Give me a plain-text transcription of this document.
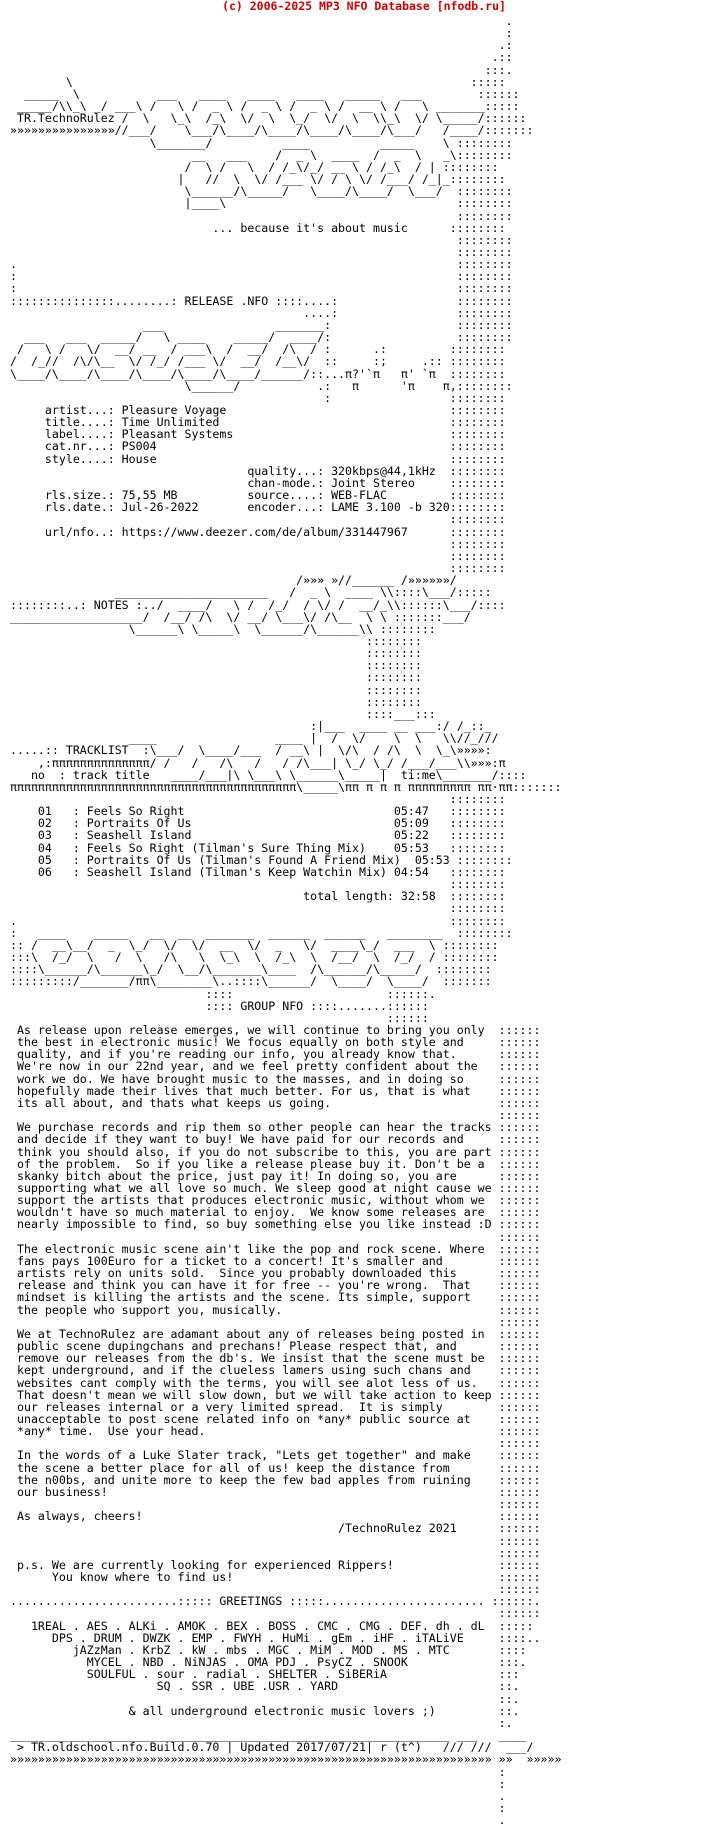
(c) 2006-2025 MP3 NFO Database [nfodb.ru]
.
:
.:
.::
:::.
\                                                         :::::
_____  \           ___   ____   ____   ____   _____   ___        ::::::
_____/\\_\ _/ ___\ /   \ /  _ \ /  _ \ /  _ \ /  __ \ /   \ _______:::::
TR.TechnoRulez /  \   \_\  /_\  \/  \  \_/  \/  \  \\_\  \/ \_____/::::::
»»»»»»»»»»»»»»»//___/    \___/\____/\____/\____/\____/\___/   /____/:::::::
\_______/          ____          _____    \ ::::::::
__   ___    /  _ \  ____  /  _  \   _\::::::::
/  \ /   \  / /_\/_/ __ \ / /_\  / | ::::::::
|   //  \  \/ /___ \/ / \ \/ /___/ /_|_::::::::
\______/\_____/   \____/\____/  \___/  ::::::::
|____\                                 ::::::::
::::::::
... because it's about music      ::::::::
::::::::
::::::::
.                                                               ::::::::
:                                                               ::::::::
:                                                               ::::::::
:::::::::::::::........: RELEASE .NFO ::::....:                 ::::::::
....:                 ::::::::
___                _______:                  ::::::::
___   ___  _____/   \ ____    _____/  ____/:                  ::::::::
/   \ /   \/  __/ __  / ___\  /  __/  /\  / :      .:         ::::::::
/  /_//  /\/\__  \/ /_/ /___ \/  __/  /__\/  ::     :;     .:: ::::::::
\____/\____/\____/\____/\____/\____/______/::...π?'`π   π' `π  ::::::::
\______/           .:   π      'π    π,::::::::
:                 ::::::::
artist...: Pleasure Voyage                                ::::::::
title....: Time Unlimited                                 ::::::::
label....: Pleasant Systems                               ::::::::
cat.nr...: PS004                                          ::::::::
style....: House                                          ::::::::
quality...: 320kbps@44,1kHz  ::::::::
chan-mode.: Joint Stereo     ::::::::
rls.size.: 75,55 MB          source....: WEB-FLAC         ::::::::
rls.date.: Jul-26-2022       encoder...: LAME 3.100 -b 320::::::::
::::::::
url/nfo..: https://www.deezer.com/de/album/331447967      ::::::::
::::::::
::::::::
::::::::
/»»» »//______ /»»»»»»/
______________________   /  _ \  ____ \\::::\___/:::::
::::::::..: NOTES :../  ____/   \ /  /_/  / \/ /  __/_\\::::::\___/::::
___________________/  /__/ /\  \/ __/ \___\/ /\__  \ \ :::::::___/
\______\ \_____\  \______/\______\\ ::::::::
::::::::
::::::::
::::::::
::::::::
::::::::
::::::::
::::___:::
:|___  ____ __ ___:/ /_::_
____                 ____ |  /  \/    \  \   \\//_///
.....:: TRACKLIST  :\___/  \____/___  / __\ |  \/\  / /\  \  \_\»»»»:
,:ππππππππππππππ/ /   /   /\   /   / /\___| \_/ \_/ /___/___\\»»»:π
no  : track title   ____/___|\ \___\ \______\_____|  ti:me\_______/::::
πππππππππππππππππππππππππππππππππππππππππ\_____\ππ π π π πππππππππ ππ·ππ:::::::
::::::::
01   : Feels So Right                              05:47   ::::::::
02   : Portraits Of Us                             05:09   ::::::::
03   : Seashell Island                             05:22   ::::::::
04   : Feels So Right (Tilman's Sure Thing Mix)    05:53   ::::::::
05   : Portraits Of Us (Tilman's Found A Friend Mix)  05:53 ::::::::
06   : Seashell Island (Tilman's Keep Watchin Mix) 04:54   ::::::::
::::::::
total length: 32:58  ::::::::
::::::::
.                                                              ::::::::
:   ____    _____   __  __  _______  ______  ______   ________  ::::::::
:: /  __\__/  _  \_/  \/  \/  __  \/  _   \/  ____\_/  ___  \ ::::::::
:::\  /_/  \   /  \   /\   \  \_\  \  /_\  \  /__/  \  /_/  / ::::::::
::::\______/\______\_/  \__/\_______\____  /\______/\_____/  ::::::::
:::::::::/_______/ππ\________\..::::\______/  \____/  \____/  :::::::
::::                      ::::::.
:::: GROUP NFO ::::.......::::::
::::::
As release upon release emerges, we will continue to bring you only  ::::::
the best in electronic music! We focus equally on both style and     ::::::
quality, and if you're reading our info, you already know that.      ::::::
We're now in our 22nd year, and we feel pretty confident about the   ::::::
work we do. We have brought music to the masses, and in doing so     ::::::
hopefully made their lives that much better. For us, that is what    ::::::
its all about, and thats what keeps us going.                        ::::::
::::::
We purchase records and rip them so other people can hear the tracks ::::::
and decide if they want to buy! We have paid for our records and     ::::::
think you should also, if you do not subscribe to this, you are part ::::::
of the problem.  So if you like a release please buy it. Don't be a  ::::::
skanky bitch about the price, just pay it! In doing so, you are      ::::::
supporting what we all love so much. We sleep good at night cause we ::::::
support the artists that produces electronic music, without whom we  ::::::
wouldn't have so much material to enjoy.  We know some releases are  ::::::
nearly impossible to find, so buy something else you like instead :D ::::::
::::::
The electronic music scene ain't like the pop and rock scene. Where  ::::::
fans pays 100Euro for a ticket to a concert! It's smaller and        ::::::
artists rely on units sold.  Since you probably downloaded this      ::::::
release and think you can have it for free -- you're wrong.  That    ::::::
mindset is killing the artists and the scene. Its simple, support    ::::::
the people who support you, musically.                               ::::::
::::::
We at TechnoRulez are adamant about any of releases being posted in  ::::::
public scene dupingchans and prechans! Please respect that, and      ::::::
remove our releases from the db's. We insist that the scene must be  ::::::
kept underground, and if the clueless lamers using such chans and    ::::::
websites cant comply with the terms, you will see alot less of us.   ::::::
That doesn't mean we will slow down, but we will take action to keep ::::::
our releases internal or a very limited spread.  It is simply        ::::::
unacceptable to post scene related info on *any* public source at    ::::::
*any* time.  Use your head.                                          ::::::
::::::
In the words of a Luke Slater track, "Lets get together" and make    ::::::
the scene a better place for all of us! keep the distance from       ::::::
the n00bs, and unite more to keep the few bad apples from ruining    ::::::
our business!                                                        ::::::
::::::
As always, cheers!                                                   ::::::
/TechnoRulez 2021      ::::::
::::::
::::::
p.s. We are currently looking for experienced Rippers!               ::::::
You know where to find us!                                      ::::::
::::::
........................::::: GREETINGS :::::....................... ::::::.
::::::
1REAL . AES . ALKi . AMOK . BEX . BOSS . CMC . CMG . DEF. dh . dL  :::::
DPS . DRUM . DWZK . EMP . FWYH . HuMi . gEm . iHF . iTALiVE     ::::..
jAZzMan . KrbZ . kW . mbs . MGC . MiM . MOD . MS . MTC       ::::
MYCEL . NBD . NiNJAS . OMA PDJ . PsyCZ . SNOOK             :::.
SOULFUL . sour . radial . SHELTER . SiBERiA                :::
SQ . SSR . UBE .USR . YARD                       ::.
::.
& all underground electronic music lovers ;)         ::.
:.
_______________________________________________________________ ___   ____
> TR.oldschool.nfo.Build.0.70 | Updated 2017/07/21| r (t^)   /// ///  ___/
»»»»»»»»»»»»»»»»»»»»»»»»»»»»»»»»»»»»»»»»»»»»»»»»»»»»»»»»»»»»»»»»»»»»» »»  »»»»»
:
:
.
:
.
